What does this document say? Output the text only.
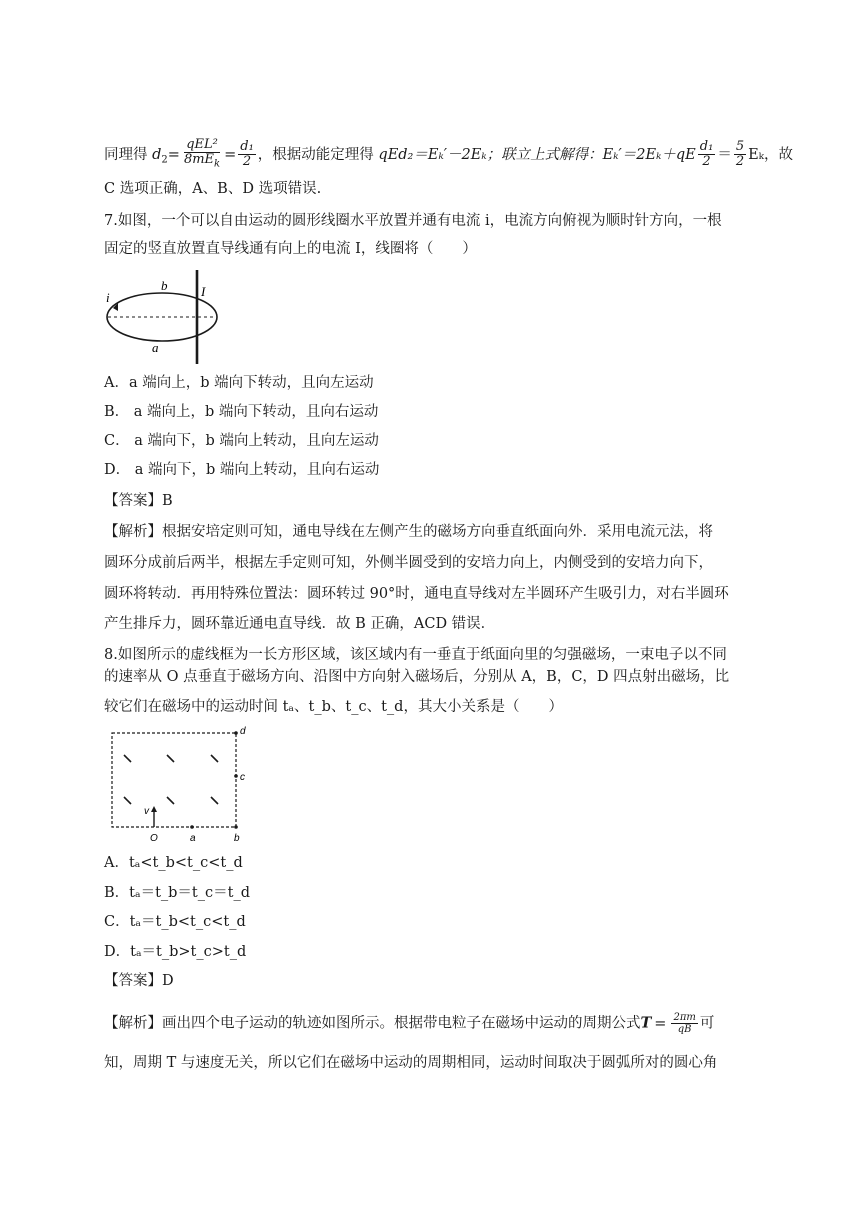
同理得 $d_2= \frac{\text{qEL²}}{8mE_k} = \frac{\text{d₁}}{2}$ ，根据动能定理得 qEd₂＝Eₖ′－2Eₖ；联立上式解得：$E_k'=2E_k+qE \frac{\text{d₁}}{2} = \frac{5}{2}$ Eₖ，故
C 选项正确，A、B、D 选项错误.
7.如图，一个可以自由运动的圆形线圈水平放置并通有电流 i，电流方向俯视为顺时针方向，一根
固定的竖直放置直导线通有向上的电流 I，线圈将（　　）
i
b	I
a
A．a 端向上，b 端向下转动，且向左运动
B． a 端向上，b 端向下转动，且向右运动
C． a 端向下，b 端向上转动，且向左运动
D． a 端向下，b 端向上转动，且向右运动
【答案】B
【解析】根据安培定则可知，通电导线在左侧产生的磁场方向垂直纸面向外．采用电流元法，将
圆环分成前后两半，根据左手定则可知，外侧半圆受到的安培力向上，内侧受到的安培力向下，
圆环将转动．再用特殊位置法：圆环转过 90°时，通电直导线对左半圆环产生吸引力，对右半圆环
产生排斥力，圆环靠近通电直导线．故 B 正确，ACD 错误．
8.如图所示的虚线框为一长方形区域，该区域内有一垂直于纸面向里的匀强磁场，一束电子以不同
的速率从 O 点垂直于磁场方向、沿图中方向射入磁场后，分别从 A，B，C，D 四点射出磁场，比
较它们在磁场中的运动时间 tₐ、t_b、t_c、t_d，其大小关系是（　　）
d
c
v
O	a	b
A．tₐ<t_b<t_c<t_d
B．tₐ＝t_b＝t_c＝t_d
C．tₐ＝t_b<t_c<t_d
D．tₐ＝t_b>t_c>t_d
【答案】D
【解析】画出四个电子运动的轨迹如图所示。根据带电粒子在磁场中运动的周期公式$T = \frac{2\pi m}{qB}$ 可
知，周期 T 与速度无关，所以它们在磁场中运动的周期相同，运动时间取决于圆弧所对的圆心角
